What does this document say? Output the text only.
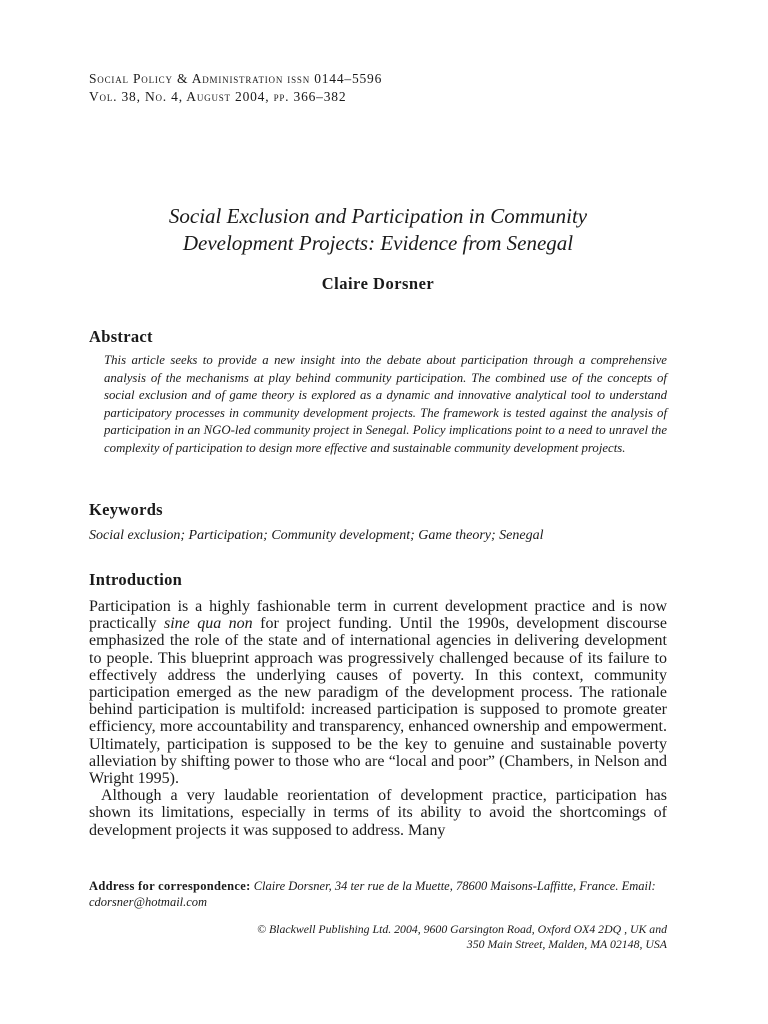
Social Policy & Administration issn 0144–5596
Vol. 38, No. 4, August 2004, pp. 366–382
Social Exclusion and Participation in Community
Development Projects: Evidence from Senegal
Claire Dorsner
Abstract
This article seeks to provide a new insight into the debate about participation through a comprehensive analysis of the mechanisms at play behind community participation. The combined use of the concepts of social exclusion and of game theory is explored as a dynamic and innovative analytical tool to understand participatory processes in community development projects. The framework is tested against the analysis of participation in an NGO-led community project in Senegal. Policy implications point to a need to unravel the complexity of participation to design more effective and sustainable community development projects.
Keywords
Social exclusion; Participation; Community development; Game theory; Senegal
Introduction

Participation is a highly fashionable term in current development practice and is now practically sine qua non for project funding. Until the 1990s, development discourse emphasized the role of the state and of international agencies in delivering development to people. This blueprint approach was progressively challenged because of its failure to effectively address the underlying causes of poverty. In this context, community participation emerged as the new paradigm of the development process. The rationale behind participation is multifold: increased participation is supposed to promote greater efficiency, more accountability and transparency, enhanced ownership and empowerment. Ultimately, participation is supposed to be the key to genuine and sustainable poverty alleviation by shifting power to those who are “local and poor” (Chambers, in Nelson and Wright 1995).

Although a very laudable reorientation of development practice, participation has shown its limitations, especially in terms of its ability to avoid the shortcomings of development projects it was supposed to address. Many

Address for correspondence: Claire Dorsner, 34 ter rue de la Muette, 78600 Maisons-Laffitte, France. Email: cdorsner@hotmail.com
© Blackwell Publishing Ltd. 2004, 9600 Garsington Road, Oxford OX4 2DQ , UK and
350 Main Street, Malden, MA 02148, USA
